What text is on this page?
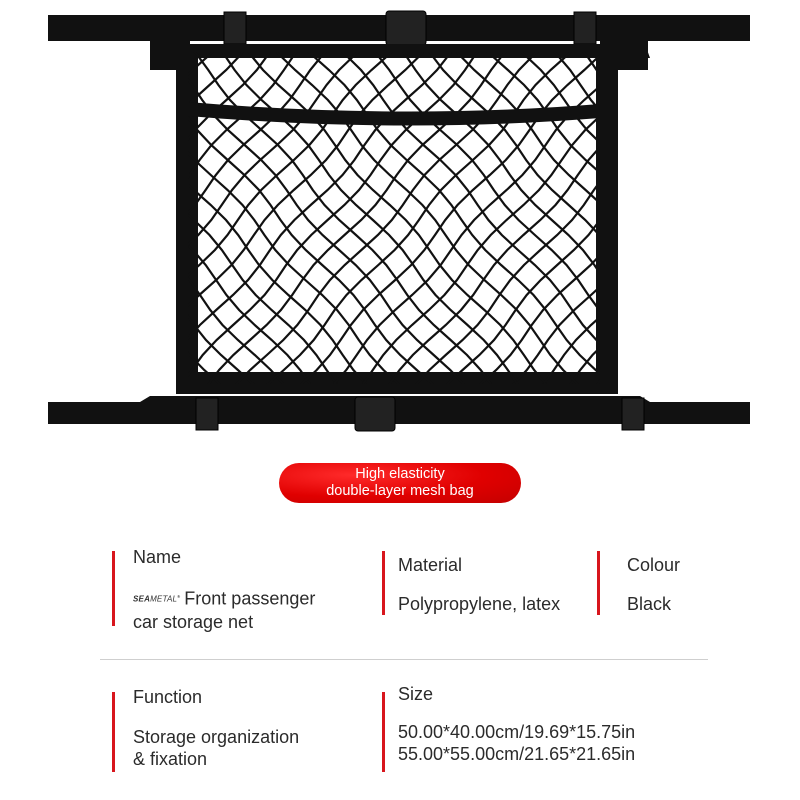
High elasticity
double-layer mesh bag
Name
SEAMETAL® Front passenger
car storage net
Material
Polypropylene, latex
Colour
Black
Function
Storage organization
& fixation
Size
50.00*40.00cm/19.69*15.75in
55.00*55.00cm/21.65*21.65in
